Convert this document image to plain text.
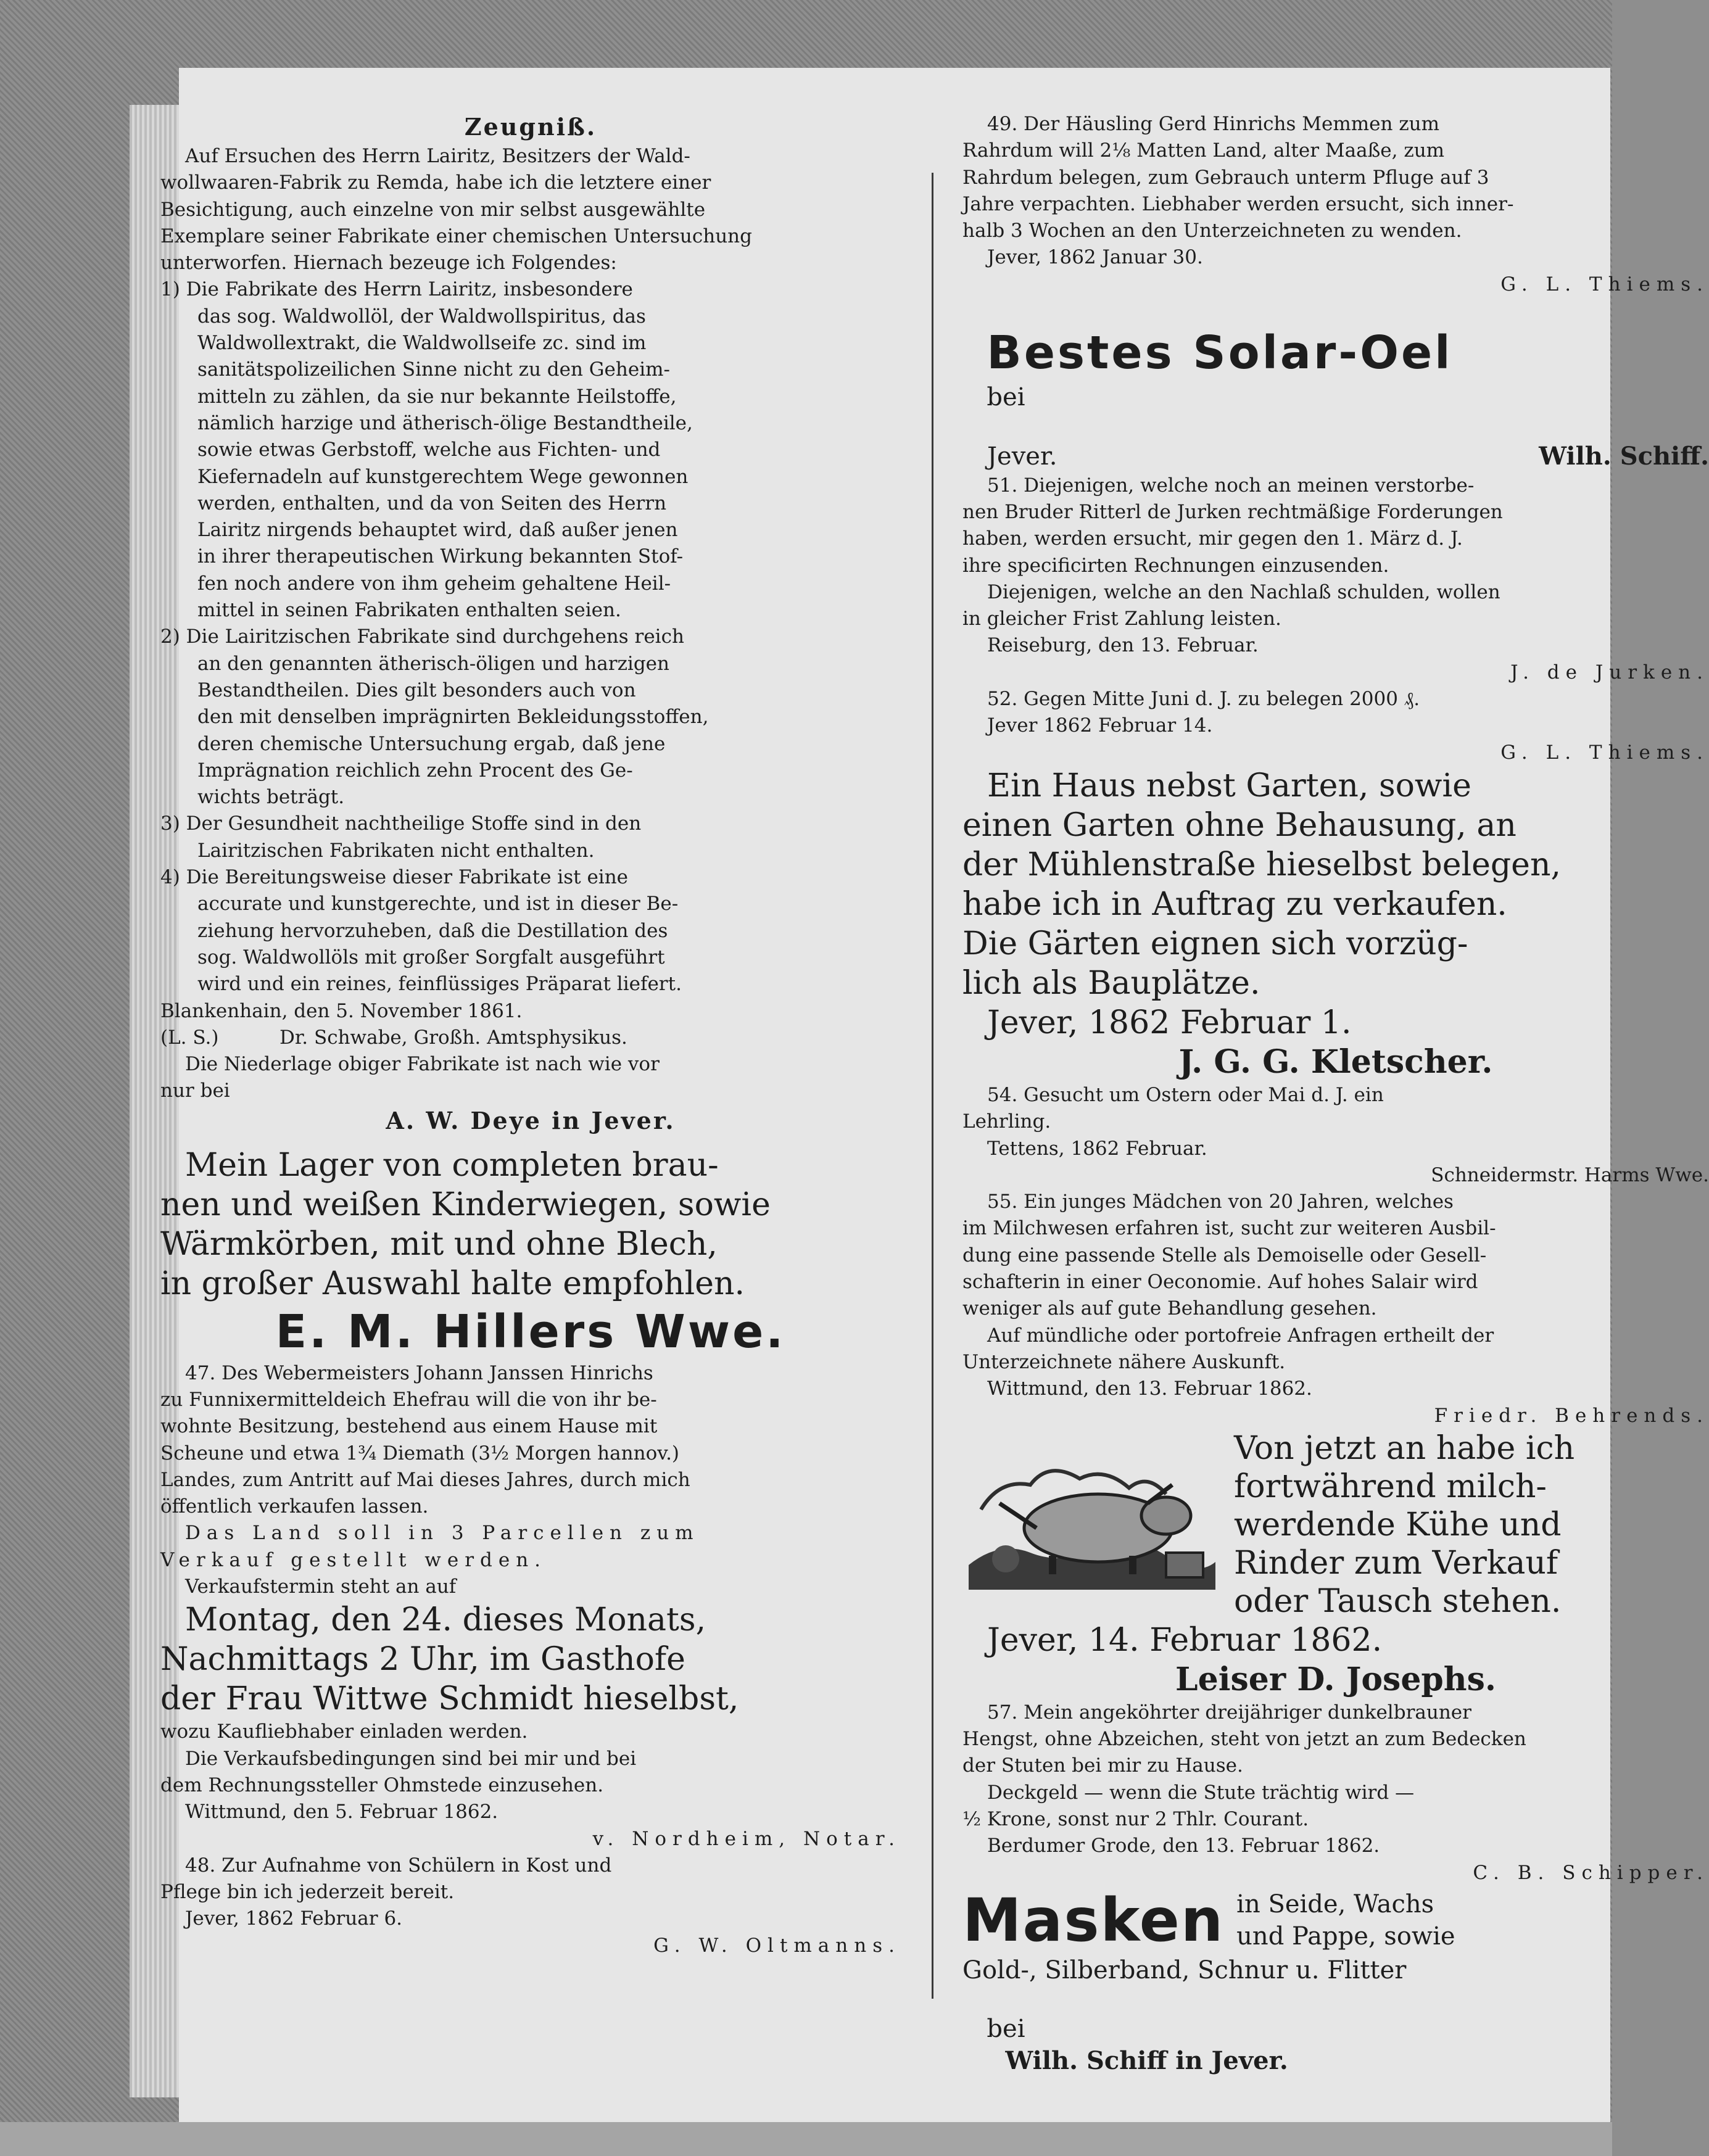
Zeugniß.

Auf Ersuchen des Herrn Lairitz, Besitzers der Wald-

wollwaaren-Fabrik zu Remda, habe ich die letztere einer

Besichtigung, auch einzelne von mir selbst ausgewählte

Exemplare seiner Fabrikate einer chemischen Untersuchung

unterworfen. Hiernach bezeuge ich Folgendes:

1) Die Fabrikate des Herrn Lairitz, insbesondere

das sog. Waldwollöl, der Waldwollspiritus, das

Waldwollextrakt, die Waldwollseife zc. sind im

sanitätspolizeilichen Sinne nicht zu den Geheim-

mitteln zu zählen, da sie nur bekannte Heilstoffe,

nämlich harzige und ätherisch-ölige Bestandtheile,

sowie etwas Gerbstoff, welche aus Fichten- und

Kiefernadeln auf kunstgerechtem Wege gewonnen

werden, enthalten, und da von Seiten des Herrn

Lairitz nirgends behauptet wird, daß außer jenen

in ihrer therapeutischen Wirkung bekannten Stof-

fen noch andere von ihm geheim gehaltene Heil-

mittel in seinen Fabrikaten enthalten seien.

2) Die Lairitzischen Fabrikate sind durchgehens reich

an den genannten ätherisch-öligen und harzigen

Bestandtheilen. Dies gilt besonders auch von

den mit denselben imprägnirten Bekleidungsstoffen,

deren chemische Untersuchung ergab, daß jene

Imprägnation reichlich zehn Procent des Ge-

wichts beträgt.

3) Der Gesundheit nachtheilige Stoffe sind in den

Lairitzischen Fabrikaten nicht enthalten.

4) Die Bereitungsweise dieser Fabrikate ist eine

accurate und kunstgerechte, und ist in dieser Be-

ziehung hervorzuheben, daß die Destillation des

sog. Waldwollöls mit großer Sorgfalt ausgeführt

wird und ein reines, feinflüssiges Präparat liefert.

Blankenhain, den 5. November 1861.

(L. S.)          Dr. Schwabe, Großh. Amtsphysikus.

Die Niederlage obiger Fabrikate ist nach wie vor

nur bei

A. W. Deye in Jever.

Mein Lager von completen brau-

nen und weißen Kinderwiegen, sowie

Wärmkörben, mit und ohne Blech,

in großer Auswahl halte empfohlen.

E. M. Hillers Wwe.

47. Des Webermeisters Johann Janssen Hinrichs

zu Funnixermitteldeich Ehefrau will die von ihr be-

wohnte Besitzung, bestehend aus einem Hause mit

Scheune und etwa 1¾ Diemath (3½ Morgen hannov.)

Landes, zum Antritt auf Mai dieses Jahres, durch mich

öffentlich verkaufen lassen.

Das Land soll in 3 Parcellen zum

Verkauf gestellt werden.

Verkaufstermin steht an auf

Montag, den 24. dieses Monats,

Nachmittags 2 Uhr, im Gasthofe

der Frau Wittwe Schmidt hieselbst,

wozu Kaufliebhaber einladen werden.

Die Verkaufsbedingungen sind bei mir und bei

dem Rechnungssteller Ohmstede einzusehen.

Wittmund, den 5. Februar 1862.

v. Nordheim, Notar.

48. Zur Aufnahme von Schülern in Kost und

Pflege bin ich jederzeit bereit.

Jever, 1862 Februar 6.

G. W. Oltmanns.

49. Der Häusling Gerd Hinrichs Memmen zum

Rahrdum will 2⅛ Matten Land, alter Maaße, zum

Rahrdum belegen, zum Gebrauch unterm Pfluge auf 3

Jahre verpachten. Liebhaber werden ersucht, sich inner-

halb 3 Wochen an den Unterzeichneten zu wenden.

Jever, 1862 Januar 30.

G. L. Thiems.

Bestes Solar-Oel
bei

Jever.	Wilh. Schiff.

51. Diejenigen, welche noch an meinen verstorbe-

nen Bruder Ritterl de Jurken rechtmäßige Forderungen

haben, werden ersucht, mir gegen den 1. März d. J.

ihre specificirten Rechnungen einzusenden.

Diejenigen, welche an den Nachlaß schulden, wollen

in gleicher Frist Zahlung leisten.

Reiseburg, den 13. Februar.

J. de Jurken.

52. Gegen Mitte Juni d. J. zu belegen 2000 ₰.

Jever 1862 Februar 14.

G. L. Thiems.

Ein Haus nebst Garten, sowie

einen Garten ohne Behausung, an

der Mühlenstraße hieselbst belegen,

habe ich in Auftrag zu verkaufen.

Die Gärten eignen sich vorzüg-

lich als Bauplätze.

Jever, 1862 Februar 1.

J. G. G. Kletscher.

54. Gesucht um Ostern oder Mai d. J. ein

Lehrling.

Tettens, 1862 Februar.

Schneidermstr. Harms Wwe.

55. Ein junges Mädchen von 20 Jahren, welches

im Milchwesen erfahren ist, sucht zur weiteren Ausbil-

dung eine passende Stelle als Demoiselle oder Gesell-

schafterin in einer Oeconomie. Auf hohes Salair wird

weniger als auf gute Behandlung gesehen.

Auf mündliche oder portofreie Anfragen ertheilt der

Unterzeichnete nähere Auskunft.

Wittmund, den 13. Februar 1862.

Friedr. Behrends.

Von jetzt an habe ich

fortwährend milch-

werdende Kühe und

Rinder zum Verkauf

oder Tausch stehen.

Jever, 14. Februar 1862.

Leiser D. Josephs.

57. Mein angeköhrter dreijähriger dunkelbrauner

Hengst, ohne Abzeichen, steht von jetzt an zum Bedecken

der Stuten bei mir zu Hause.

Deckgeld — wenn die Stute trächtig wird —

½ Krone, sonst nur 2 Thlr. Courant.

Berdumer Grode, den 13. Februar 1862.

C. B. Schipper.

Masken in Seide, Wachs

und Pappe, sowie

Gold-, Silberband, Schnur u. Flitter

bei
Wilh. Schiff in Jever.
